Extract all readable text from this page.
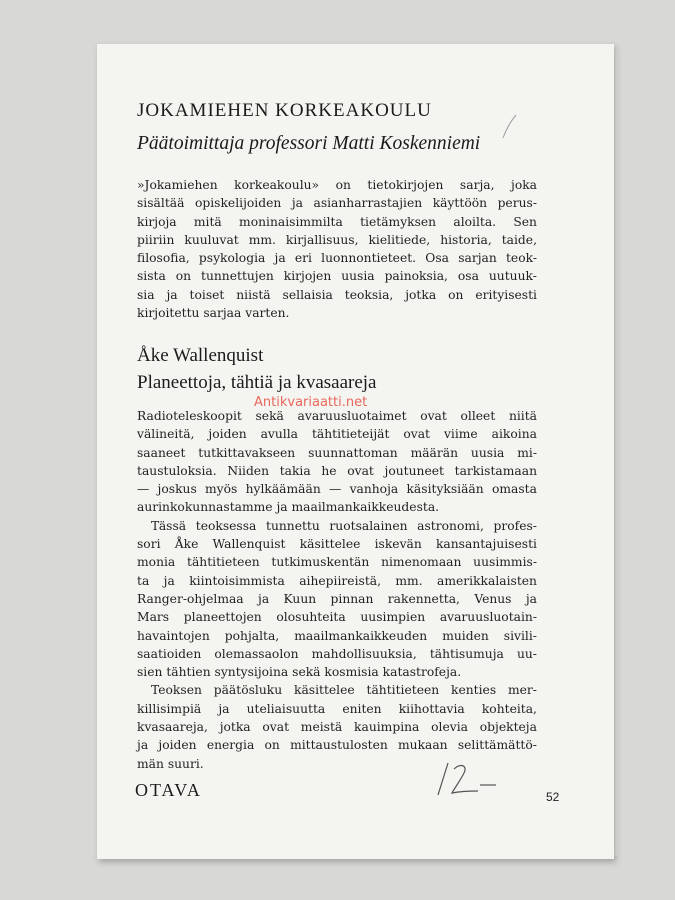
JOKAMIEHEN KORKEAKOULU
Päätoimittaja professori Matti Koskenniemi
»Jokamiehen korkeakoulu» on tietokirjojen sarja, joka
sisältää opiskelijoiden ja asianharrastajien käyttöön perus-
kirjoja mitä moninaisimmilta tietämyksen aloilta. Sen
piiriin kuuluvat mm. kirjallisuus, kielitiede, historia, taide,
filosofia, psykologia ja eri luonnontieteet. Osa sarjan teok-
sista on tunnettujen kirjojen uusia painoksia, osa uutuuk-
sia ja toiset niistä sellaisia teoksia, jotka on erityisesti
kirjoitettu sarjaa varten.
Åke Wallenquist
Planeettoja, tähtiä ja kvasaareja
Radioteleskoopit sekä avaruusluotaimet ovat olleet niitä
välineitä, joiden avulla tähtitieteijät ovat viime aikoina
saaneet tutkittavakseen suunnattoman määrän uusia mi-
taustuloksia. Niiden takia he ovat joutuneet tarkistamaan
— joskus myös hylkäämään — vanhoja käsityksiään omasta
aurinkokunnastamme ja maailmankaikkeudesta.
Tässä teoksessa tunnettu ruotsalainen astronomi, profes-
sori Åke Wallenquist käsittelee iskevän kansantajuisesti
monia tähtitieteen tutkimuskentän nimenomaan uusimmis-
ta ja kiintoisimmista aihepiireistä, mm. amerikkalaisten
Ranger-ohjelmaa ja Kuun pinnan rakennetta, Venus ja
Mars planeettojen olosuhteita uusimpien avaruusluotain-
havaintojen pohjalta, maailmankaikkeuden muiden sivili-
saatioiden olemassaolon mahdollisuuksia, tähtisumuja uu-
sien tähtien syntysijoina sekä kosmisia katastrofeja.
Teoksen päätösluku käsittelee tähtitieteen kenties mer-
killisimpiä ja uteliaisuutta eniten kiihottavia kohteita,
kvasaareja, jotka ovat meistä kauimpina olevia objekteja
ja joiden energia on mittaustulosten mukaan selittämättö-
män suuri.
Antikvariaatti.net
OTAVA	52
